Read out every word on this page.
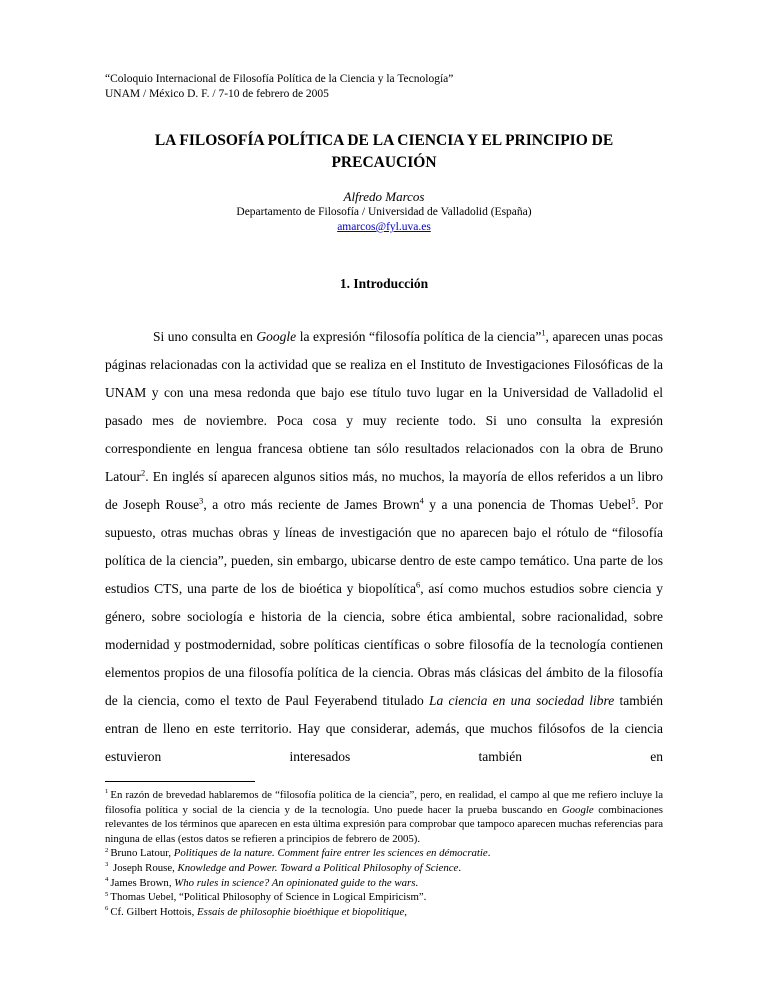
“Coloquio Internacional de Filosofía Política de la Ciencia y la Tecnología”
UNAM / México D. F. / 7-10 de febrero de 2005
LA FILOSOFÍA POLÍTICA DE LA CIENCIA Y EL PRINCIPIO DE PRECAUCIÓN
Alfredo Marcos
Departamento de Filosofía / Universidad de Valladolid (España)
amarcos@fyl.uva.es
1. Introducción

Si uno consulta en Google la expresión “filosofía política de la ciencia”$^1$, aparecen unas pocas páginas relacionadas con la actividad que se realiza en el Instituto de Investigaciones Filosóficas de la UNAM y con una mesa redonda que bajo ese título tuvo lugar en la Universidad de Valladolid el pasado mes de noviembre. Poca cosa y muy reciente todo. Si uno consulta la expresión correspondiente en lengua francesa obtiene tan sólo resultados relacionados con la obra de Bruno Latour$^2$. En inglés sí aparecen algunos sitios más, no muchos, la mayoría de ellos referidos a un libro de Joseph Rouse$^3$, a otro más reciente de James Brown$^4$ y a una ponencia de Thomas Uebel$^5$. Por supuesto, otras muchas obras y líneas de investigación que no aparecen bajo el rótulo de “filosofía política de la ciencia”, pueden, sin embargo, ubicarse dentro de este campo temático. Una parte de los estudios CTS, una parte de los de bioética y biopolítica$^6$, así como muchos estudios sobre ciencia y género, sobre sociología e historia de la ciencia, sobre ética ambiental, sobre racionalidad, sobre modernidad y postmodernidad, sobre políticas científicas o sobre filosofía de la tecnología contienen elementos propios de una filosofía política de la ciencia. Obras más clásicas del ámbito de la filosofía de la ciencia, como el texto de Paul Feyerabend titulado La ciencia en una sociedad libre también entran de lleno en este territorio. Hay que considerar, además, que muchos filósofos de la ciencia estuvieron interesados también en

$^1$ En razón de brevedad hablaremos de “filosofía política de la ciencia”, pero, en realidad, el campo al que me refiero incluye la filosofía política y social de la ciencia y de la tecnología. Uno puede hacer la prueba buscando en Google combinaciones relevantes de los términos que aparecen en esta última expresión para comprobar que tampoco aparecen muchas referencias para ninguna de ellas (estos datos se refieren a principios de febrero de 2005).
$^2$ Bruno Latour, Politiques de la nature. Comment faire entrer les sciences en démocratie.
$^3$ Joseph Rouse, Knowledge and Power. Toward a Political Philosophy of Science.
$^4$ James Brown, Who rules in science? An opinionated guide to the wars.
$^5$ Thomas Uebel, “Political Philosophy of Science in Logical Empiricism”.
$^6$ Cf. Gilbert Hottois, Essais de philosophie bioéthique et biopolitique,
